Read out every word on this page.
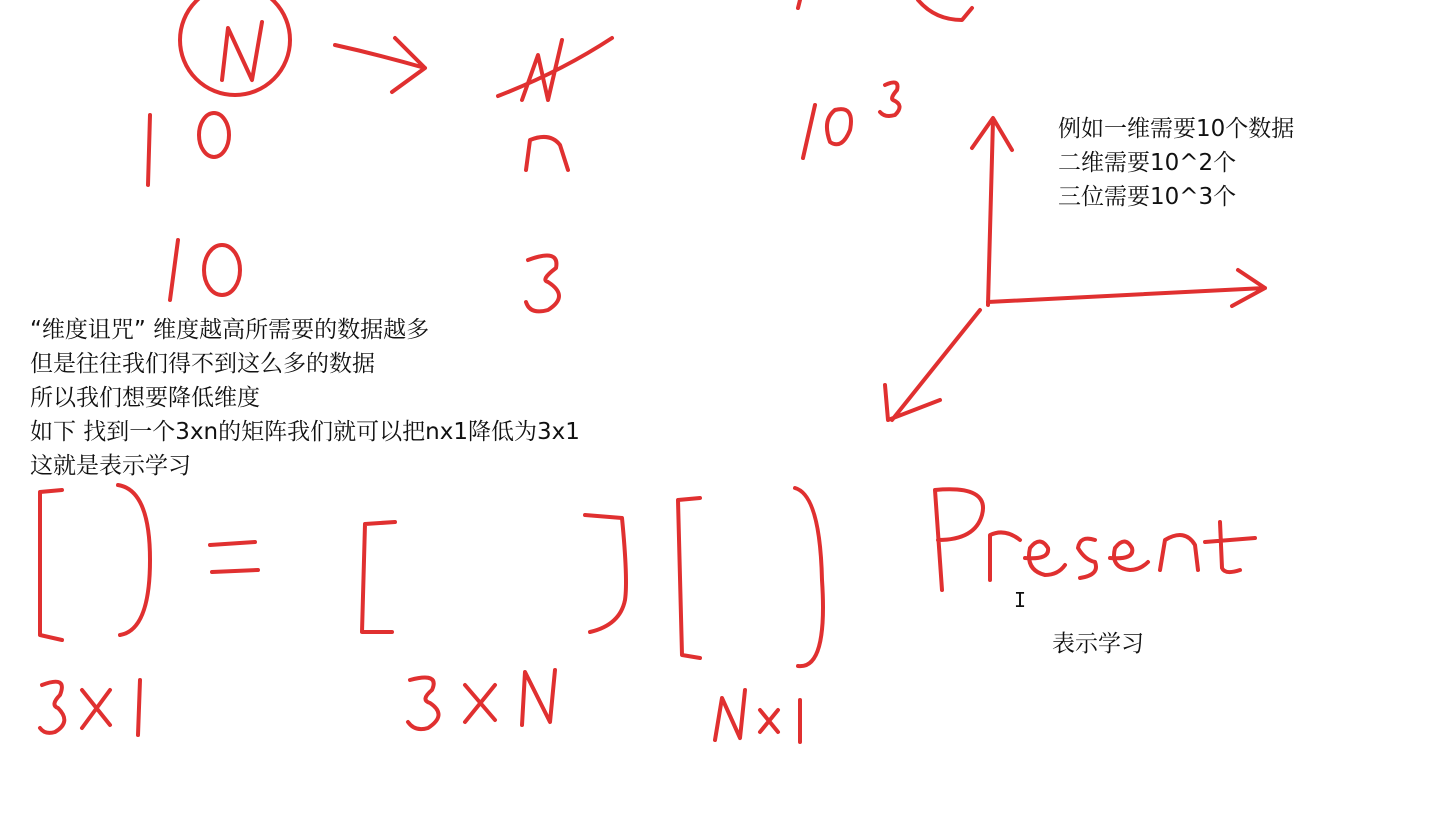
例如一维需要10个数据
二维需要10^2个
三位需要10^3个
“维度诅咒” 维度越高所需要的数据越多
但是往往我们得不到这么多的数据
所以我们想要降低维度
如下 找到一个3xn的矩阵我们就可以把nx1降低为3x1
这就是表示学习
表示学习
I
